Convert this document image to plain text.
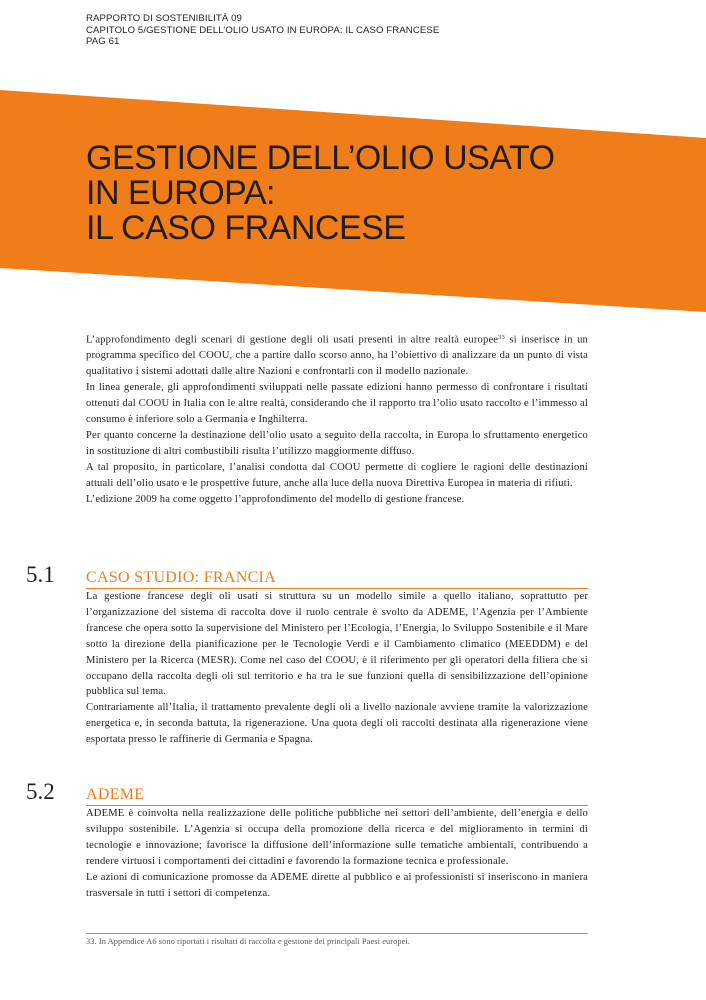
RAPPORTO DI SOSTENIBILITÀ 09
CAPITOLO 5/GESTIONE DELL’OLIO USATO IN EUROPA: IL CASO FRANCESE
PAG 61
GESTIONE DELL’OLIO USATO
IN EUROPA:
IL CASO FRANCESE

L’approfondimento degli scenari di gestione degli oli usati presenti in altre realtà europee$^{33}$ si inserisce in un programma specifico del COOU, che a partire dallo scorso anno, ha l’obiettivo di analizzare da un punto di vista qualitativo i sistemi adottati dalle altre Nazioni e confrontarli con il modello nazionale.

In linea generale, gli approfondimenti sviluppati nelle passate edizioni hanno permesso di confrontare i risultati ottenuti dal COOU in Italia con le altre realtà, considerando che il rapporto tra l’olio usato raccolto e l’immesso al consumo è inferiore solo a Germania e Inghilterra.

Per quanto concerne la destinazione dell’olio usato a seguito della raccolta, in Europa lo sfruttamento energetico in sostituzione di altri combustibili risulta l’utilizzo maggiormente diffuso.

A tal proposito, in particolare, l’analisi condotta dal COOU permette di cogliere le ragioni delle destinazioni attuali dell’olio usato e le prospettive future, anche alla luce della nuova Direttiva Europea in materia di rifiuti.

L’edizione 2009 ha come oggetto l’approfondimento del modello di gestione francese.

5.1 CASO STUDIO: FRANCIA

La gestione francese degli oli usati si struttura su un modello simile a quello italiano, soprattutto per l’organizzazione del sistema di raccolta dove il ruolo centrale è svolto da ADEME, l’Agenzia per l’Ambiente francese che opera sotto la supervisione del Ministero per l’Ecologia, l’Energia, lo Sviluppo Sostenibile e il Mare sotto la direzione della pianificazione per le Tecnologie Verdi e il Cambiamento climatico (MEEDDM) e del Ministero per la Ricerca (MESR). Come nel caso del COOU, è il riferimento per gli operatori della filiera che si occupano della raccolta degli oli sul territorio e ha tra le sue funzioni quella di sensibilizzazione dell’opinione pubblica sul tema.

Contrariamente all’Italia, il trattamento prevalente degli oli a livello nazionale avviene tramite la valorizzazione energetica e, in seconda battuta, la rigenerazione. Una quota degli oli raccolti destinata alla rigenerazione viene esportata presso le raffinerie di Germania e Spagna.

5.2 ADEME

ADEME è coinvolta nella realizzazione delle politiche pubbliche nei settori dell’ambiente, dell’energia e dello sviluppo sostenibile. L’Agenzia si occupa della promozione della ricerca e del miglioramento in termini di tecnologie e innovazione; favorisce la diffusione dell’informazione sulle tematiche ambientali, contribuendo a rendere virtuosi i comportamenti dei cittadini e favorendo la formazione tecnica e professionale.

Le azioni di comunicazione promosse da ADEME dirette al pubblico e ai professionisti si inseriscono in maniera trasversale in tutti i settori di competenza.

33. In Appendice A6 sono riportati i risultati di raccolta e gestione dei principali Paesi europei.
